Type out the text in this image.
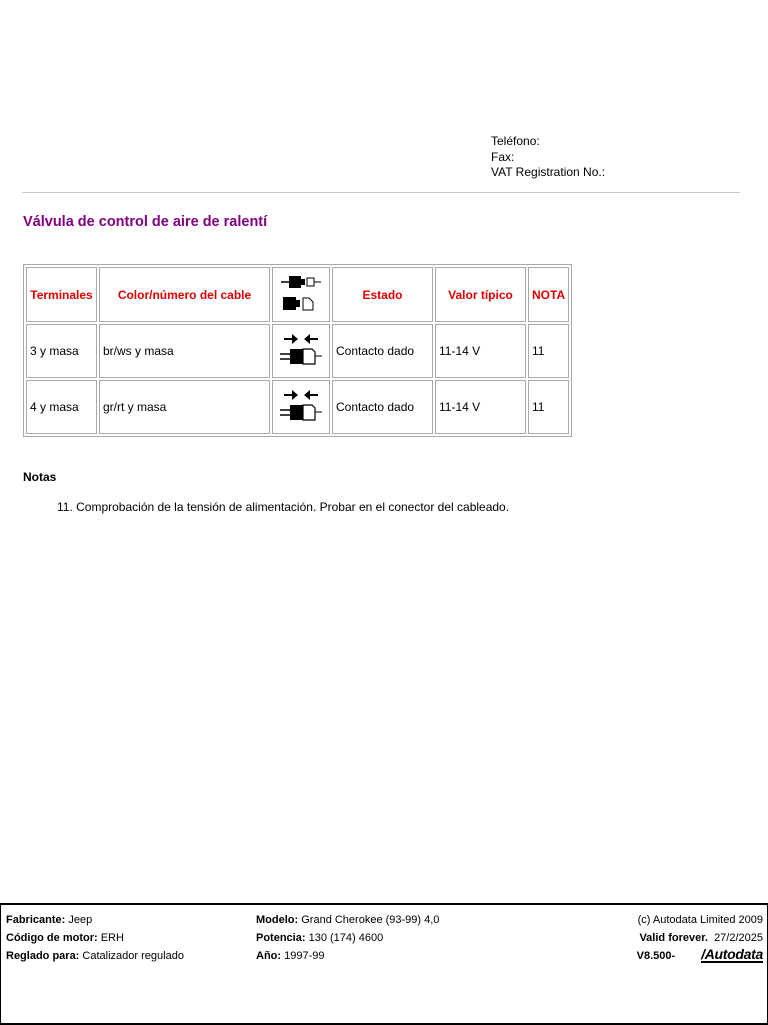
Teléfono:
Fax:
VAT Registration No.:
Válvula de control de aire de ralentí
Terminales	Color/número del cable		Estado	Valor típico	NOTA
3 y masa	br/ws y masa		Contacto dado	11-14 V	11
4 y masa	gr/rt y masa		Contacto dado	11-14 V	11
Notas
11. Comprobación de la tensión de alimentación. Probar en el conector del cableado.
Fabricante: Jeep
Código de motor: ERH
Reglado para: Catalizador regulado
Modelo: Grand Cherokee (93-99) 4,0
Potencia: 130 (174) 4600
Año: 1997-99
(c) Autodata Limited 2009
Valid forever. 27/2/2025
V8.500- /Autodata
